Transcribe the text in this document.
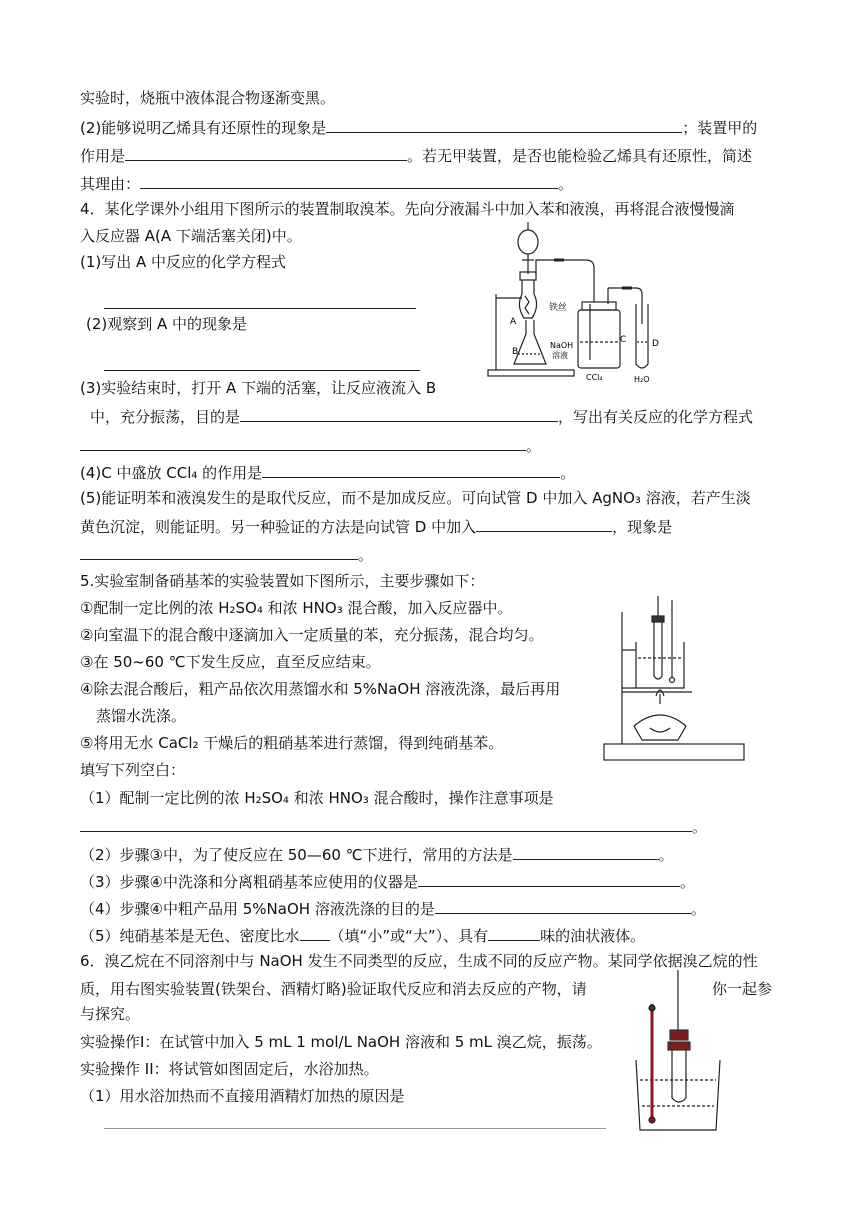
实验时，烧瓶中液体混合物逐渐变黑。
(2)能够说明乙烯具有还原性的现象是	；装置甲的
作用是	。若无甲装置，是否也能检验乙烯具有还原性，简述
其理由：	。
4．某化学课外小组用下图所示的装置制取溴苯。先向分液漏斗中加入苯和液溴，再将混合液慢慢滴
入反应器 A(A 下端活塞关闭)中。
(1)写出 A 中反应的化学方程式
(2)观察到 A 中的现象是
(3)实验结束时，打开 A 下端的活塞，让反应液流入 B
中，充分振荡，目的是	，写出有关反应的化学方程式
。
(4)C 中盛放 CCl₄ 的作用是	。
(5)能证明苯和液溴发生的是取代反应，而不是加成反应。可向试管 D 中加入 AgNO₃ 溶液，若产生淡
黄色沉淀，则能证明。另一种验证的方法是向试管 D 中加入	，现象是
。
铁丝
A
B
NaOH
溶液
C
CCl₄
D
H₂O
5.实验室制备硝基苯的实验装置如下图所示，主要步骤如下：
①配制一定比例的浓 H₂SO₄ 和浓 HNO₃ 混合酸，加入反应器中。
②向室温下的混合酸中逐滴加入一定质量的苯，充分振荡，混合均匀。
③在 50~60 ℃下发生反应，直至反应结束。
④除去混合酸后，粗产品依次用蒸馏水和 5%NaOH 溶液洗涤，最后再用
蒸馏水洗涤。
⑤将用无水 CaCl₂ 干燥后的粗硝基苯进行蒸馏，得到纯硝基苯。
填写下列空白：
（1）配制一定比例的浓 H₂SO₄ 和浓 HNO₃ 混合酸时，操作注意事项是
。
（2）步骤③中，为了使反应在 50—60 ℃下进行，常用的方法是	。
（3）步骤④中洗涤和分离粗硝基苯应使用的仪器是	。
（4）步骤④中粗产品用 5%NaOH 溶液洗涤的目的是	。
（5）纯硝基苯是无色、密度比水 （填“小”或“大”）、具有	味的油状液体。
6．溴乙烷在不同溶剂中与 NaOH 发生不同类型的反应，生成不同的反应产物。某同学依据溴乙烷的性
质，用右图实验装置(铁架台、酒精灯略)验证取代反应和消去反应的产物，请	你一起参
与探究。
实验操作Ⅰ：在试管中加入 5 mL 1 mol/L NaOH 溶液和 5 mL 溴乙烷，振荡。
实验操作 II：将试管如图固定后，水浴加热。
（1）用水浴加热而不直接用酒精灯加热的原因是
